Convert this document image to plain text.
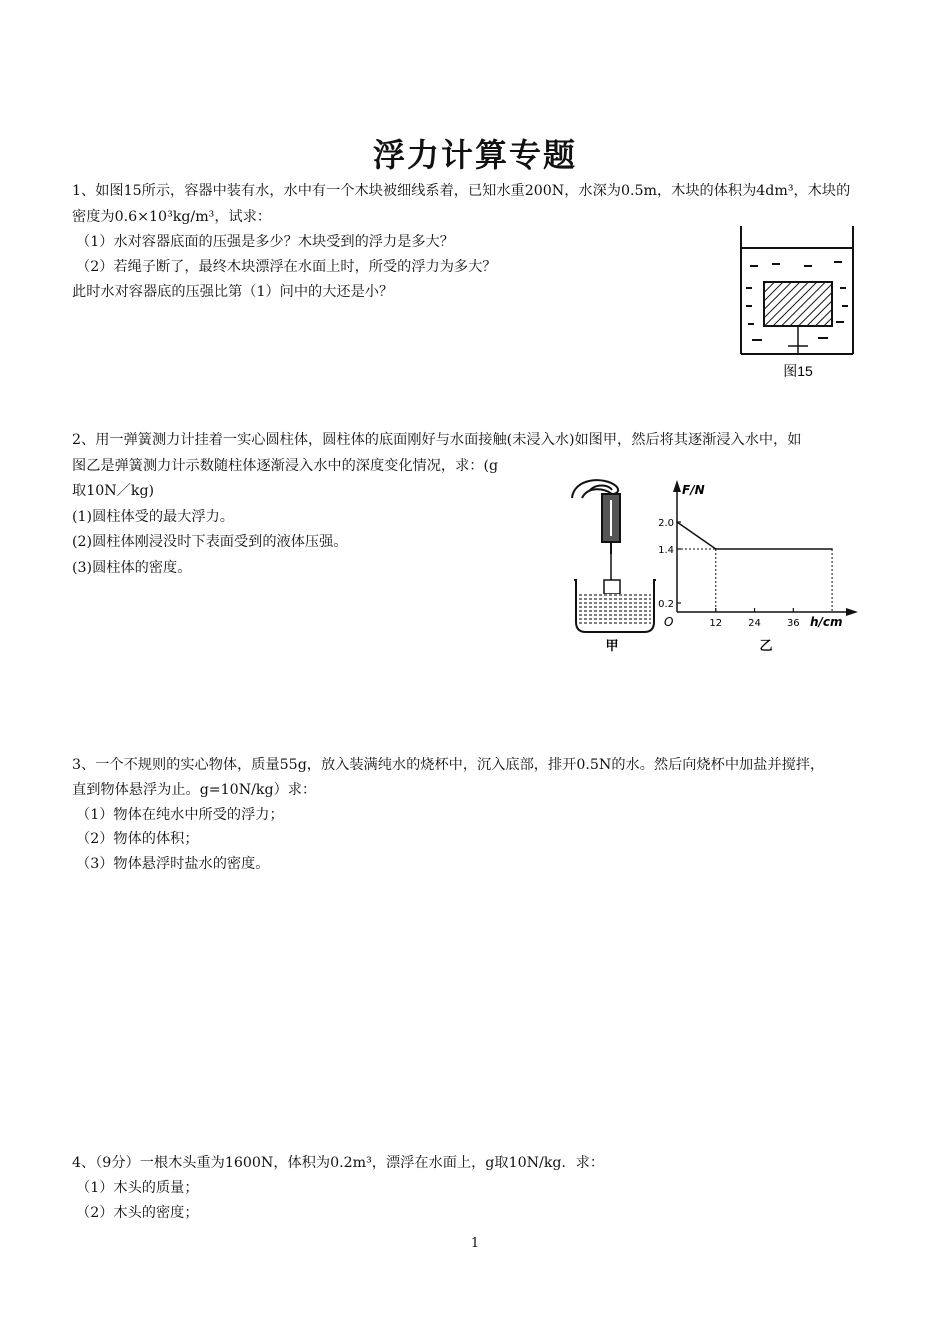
浮力计算专题
1、如图15所示，容器中装有水，水中有一个木块被细线系着，已知水重200N，水深为0.5m，木块的体积为4dm³，木块的
密度为0.6×10³kg/m³，试求：
（1）水对容器底面的压强是多少？木块受到的浮力是多大？
（2）若绳子断了，最终木块漂浮在水面上时，所受的浮力为多大？
此时水对容器底的压强比第（1）问中的大还是小？
图15
2、用一弹簧测力计挂着一实心圆柱体，圆柱体的底面刚好与水面接触(未浸入水)如图甲，然后将其逐渐浸入水中，如
图乙是弹簧测力计示数随柱体逐渐浸入水中的深度变化情况，求：(g
取10N／kg)
(1)圆柱体受的最大浮力。
(2)圆柱体刚浸没时下表面受到的液体压强。
(3)圆柱体的密度。
甲
F/N
h/cm
O
2.0
1.4
0.2
12	24	36
乙
3、一个不规则的实心物体，质量55g，放入装满纯水的烧杯中，沉入底部，排开0.5N的水。然后向烧杯中加盐并搅拌，
直到物体悬浮为止。g=10N/kg）求：
（1）物体在纯水中所受的浮力；
（2）物体的体积；
（3）物体悬浮时盐水的密度。
4、（9分）一根木头重为1600N，体积为0.2m³，漂浮在水面上，g取10N/kg．求：
（1）木头的质量；
（2）木头的密度；
1
